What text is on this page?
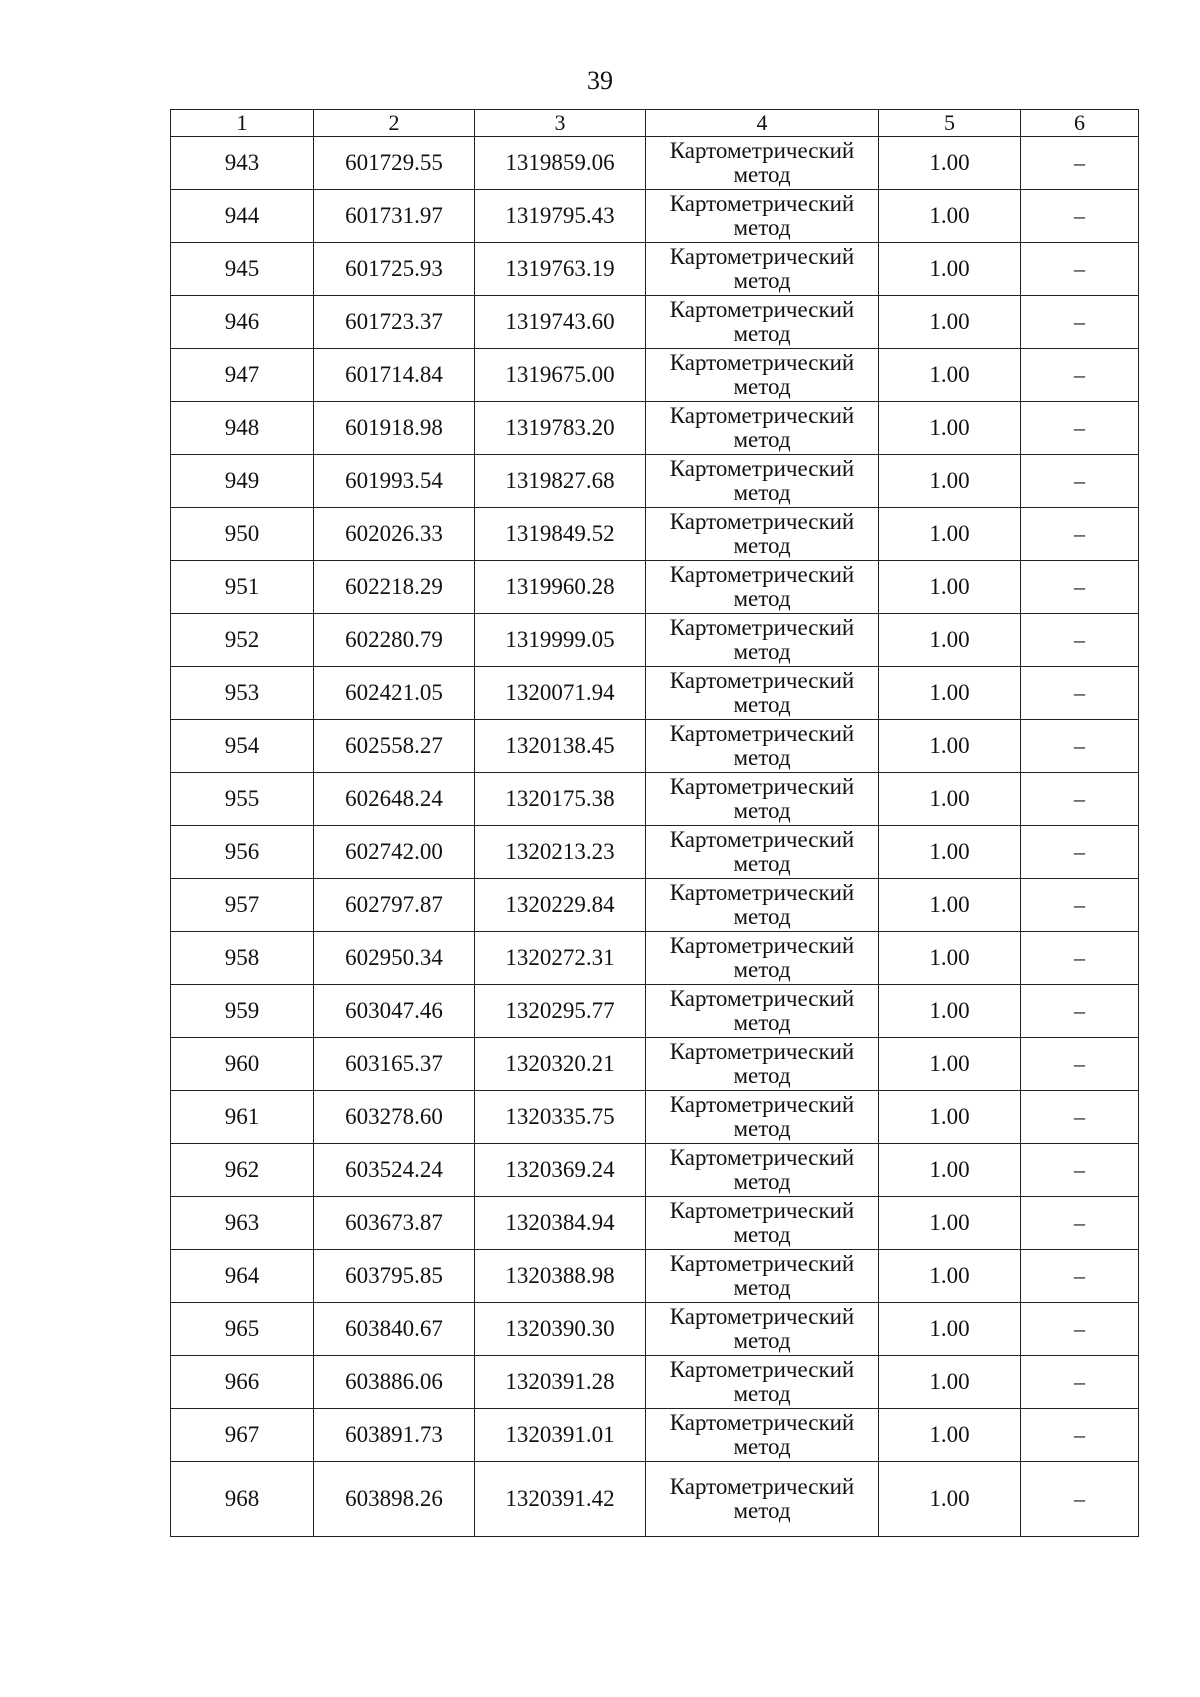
39
1	2	3	4	5	6
943	601729.55	1319859.06	Картометрический метод	1.00	–
944	601731.97	1319795.43	Картометрический метод	1.00	–
945	601725.93	1319763.19	Картометрический метод	1.00	–
946	601723.37	1319743.60	Картометрический метод	1.00	–
947	601714.84	1319675.00	Картометрический метод	1.00	–
948	601918.98	1319783.20	Картометрический метод	1.00	–
949	601993.54	1319827.68	Картометрический метод	1.00	–
950	602026.33	1319849.52	Картометрический метод	1.00	–
951	602218.29	1319960.28	Картометрический метод	1.00	–
952	602280.79	1319999.05	Картометрический метод	1.00	–
953	602421.05	1320071.94	Картометрический метод	1.00	–
954	602558.27	1320138.45	Картометрический метод	1.00	–
955	602648.24	1320175.38	Картометрический метод	1.00	–
956	602742.00	1320213.23	Картометрический метод	1.00	–
957	602797.87	1320229.84	Картометрический метод	1.00	–
958	602950.34	1320272.31	Картометрический метод	1.00	–
959	603047.46	1320295.77	Картометрический метод	1.00	–
960	603165.37	1320320.21	Картометрический метод	1.00	–
961	603278.60	1320335.75	Картометрический метод	1.00	–
962	603524.24	1320369.24	Картометрический метод	1.00	–
963	603673.87	1320384.94	Картометрический метод	1.00	–
964	603795.85	1320388.98	Картометрический метод	1.00	–
965	603840.67	1320390.30	Картометрический метод	1.00	–
966	603886.06	1320391.28	Картометрический метод	1.00	–
967	603891.73	1320391.01	Картометрический метод	1.00	–
968	603898.26	1320391.42	Картометрический метод	1.00	–
